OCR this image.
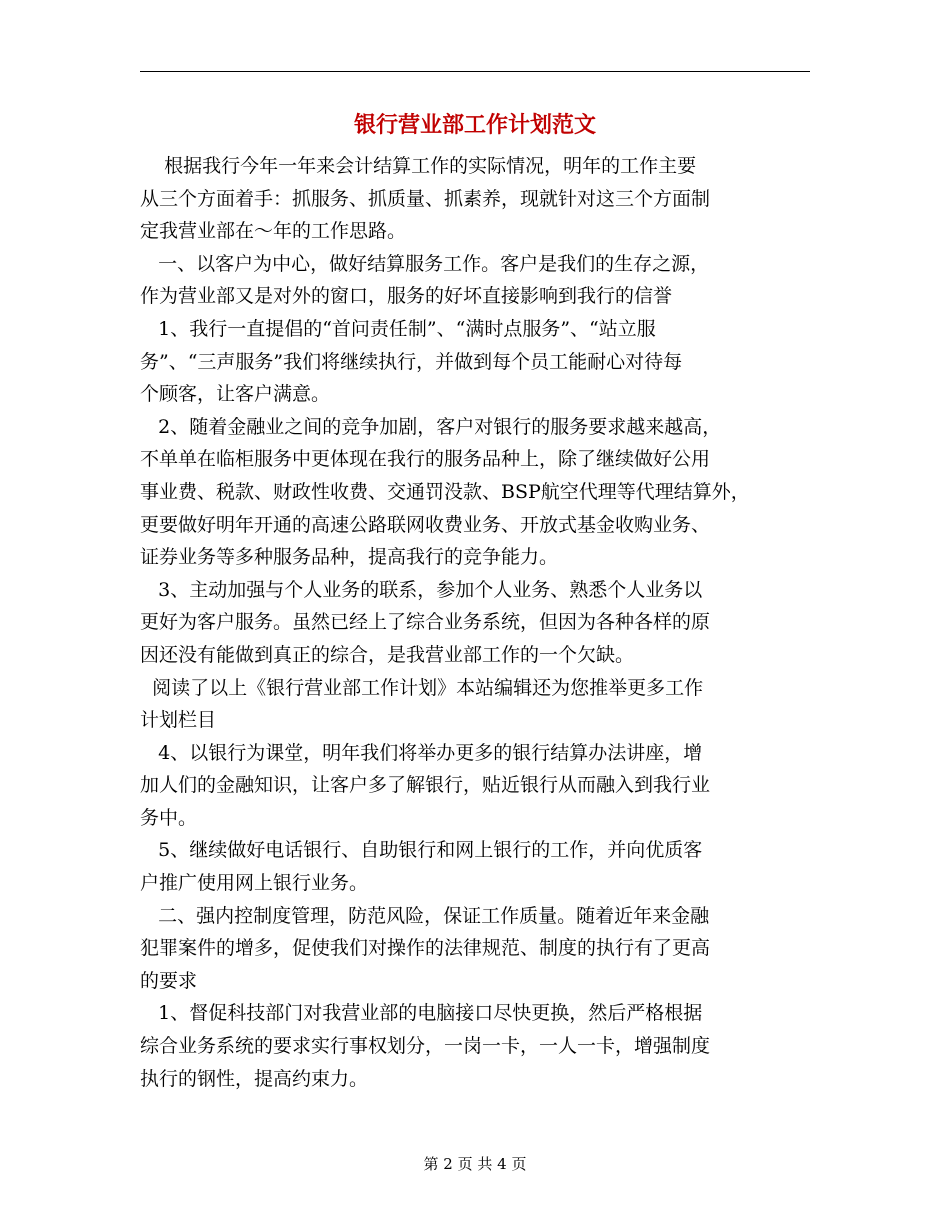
银行营业部工作计划范文
根据我行今年一年来会计结算工作的实际情况，明年的工作主要
从三个方面着手：抓服务、抓质量、抓素养，现就针对这三个方面制
定我营业部在～年的工作思路。
一、以客户为中心，做好结算服务工作。客户是我们的生存之源，
作为营业部又是对外的窗口，服务的好坏直接影响到我行的信誉
1、我行一直提倡的“首问责任制”、“满时点服务”、“站立服
务”、“三声服务”我们将继续执行，并做到每个员工能耐心对待每
个顾客，让客户满意。
2、随着金融业之间的竞争加剧，客户对银行的服务要求越来越高，
不单单在临柜服务中更体现在我行的服务品种上，除了继续做好公用
事业费、税款、财政性收费、交通罚没款、BSP航空代理等代理结算外，
更要做好明年开通的高速公路联网收费业务、开放式基金收购业务、
证券业务等多种服务品种，提高我行的竞争能力。
3、主动加强与个人业务的联系，参加个人业务、熟悉个人业务以
更好为客户服务。虽然已经上了综合业务系统，但因为各种各样的原
因还没有能做到真正的综合，是我营业部工作的一个欠缺。
阅读了以上《银行营业部工作计划》本站编辑还为您推举更多工作
计划栏目
4、以银行为课堂，明年我们将举办更多的银行结算办法讲座，增
加人们的金融知识，让客户多了解银行，贴近银行从而融入到我行业
务中。
5、继续做好电话银行、自助银行和网上银行的工作，并向优质客
户推广使用网上银行业务。
二、强内控制度管理，防范风险，保证工作质量。随着近年来金融
犯罪案件的增多，促使我们对操作的法律规范、制度的执行有了更高
的要求
1、督促科技部门对我营业部的电脑接口尽快更换，然后严格根据
综合业务系统的要求实行事权划分，一岗一卡，一人一卡，增强制度
执行的钢性，提高约束力。
第 2 页 共 4 页
